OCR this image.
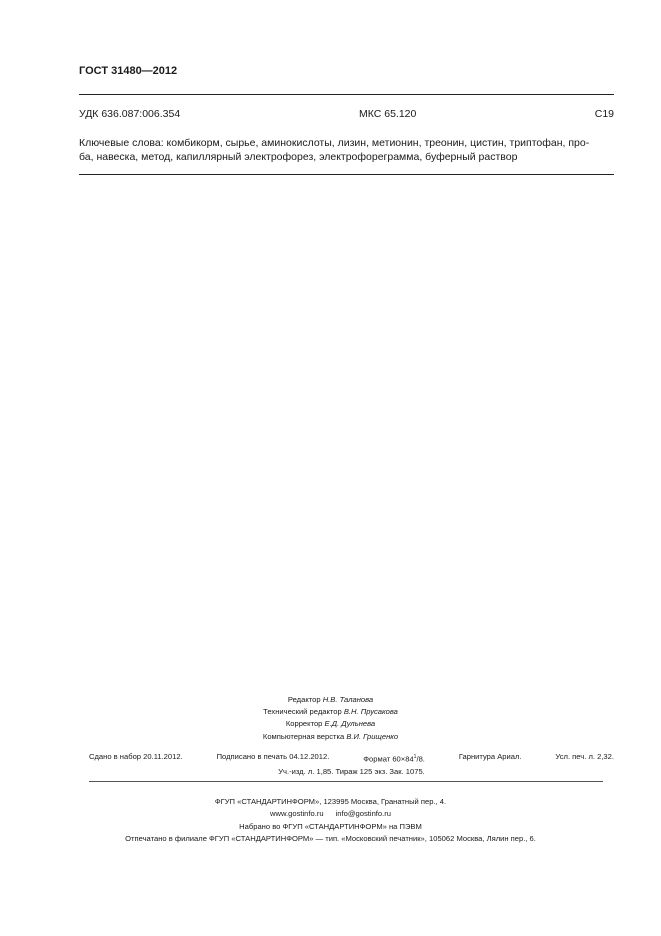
ГОСТ 31480—2012
УДК 636.087:006.354	МКС 65.120	С19
Ключевые слова: комбикорм, сырье, аминокислоты, лизин, метионин, треонин, цистин, триптофан, про-
ба, навеска, метод, капиллярный электрофорез, электрофореграмма, буферный раствор
Редактор Н.В. Таланова
Технический редактор В.Н. Прусакова
Корректор Е.Д. Дульнева
Компьютерная верстка В.И. Грищенко
Сдано в набор 20.11.2012.	Подписано в печать 04.12.2012.	Формат $60\times 84^1/8$.	Гарнитура Ариал.	Усл. печ. л. 2,32.
Уч.-изд. л. 1,85. Тираж 125 экз. Зак. 1075.
ФГУП «СТАНДАРТИНФОРМ», 123995 Москва, Гранатный пер., 4.
www.gostinfo.ru info@gostinfo.ru
Набрано во ФГУП «СТАНДАРТИНФОРМ» на ПЭВМ
Отпечатано в филиале ФГУП «СТАНДАРТИНФОРМ» — тип. «Московский печатник», 105062 Москва, Лялин пер., 6.
